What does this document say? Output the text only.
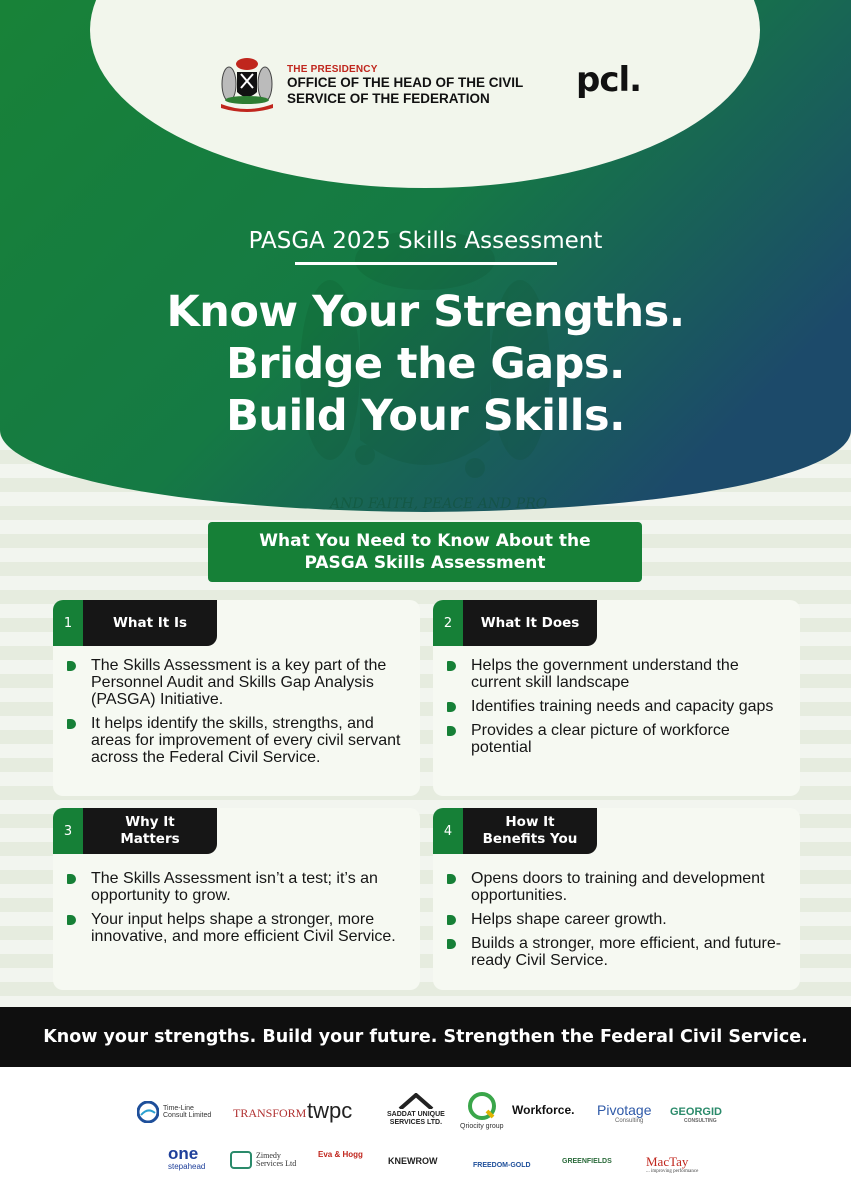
AND FAITH, PEACE AND PRO
THE PRESIDENCY
OFFICE OF THE HEAD OF THE CIVIL
SERVICE OF THE FEDERATION	pcl.
PASGA 2025 Skills Assessment
Know Your Strengths.
Bridge the Gaps.
Build Your Skills.
What You Need to Know About the
PASGA Skills Assessment
1	What It Is
The Skills Assessment is a key part of the Personnel Audit and Skills Gap Analysis (PASGA) Initiative.
It helps identify the skills, strengths, and areas for improvement of every civil servant across the Federal Civil Service.
2	What It Does
Helps the government understand the current skill landscape
Identifies training needs and capacity gaps
Provides a clear picture of workforce potential
3
Why It Matters
The Skills Assessment isn’t a test; it’s an opportunity to grow.
Your input helps shape a stronger, more innovative, and more efficient Civil Service.
4
How It Benefits You
Opens doors to training and development opportunities.
Helps shape career growth.
Builds a stronger, more efficient, and future-ready Civil Service.
Know your strengths. Build your future. Strengthen the Federal Civil Service.
Time-Line Consult Limited	TRANSFORM twpc	SADDAT UNIQUE
SERVICES LTD.
Qriocity group
Workforce. Pivotage
Consulting
GEORGID
CONSULTING
one
stepahead
Zimedy
Services Ltd
Eva & Hogg
KNEWROW	FREEDOM-GOLD
GREENFIELDS	MacTay
... improving performance
